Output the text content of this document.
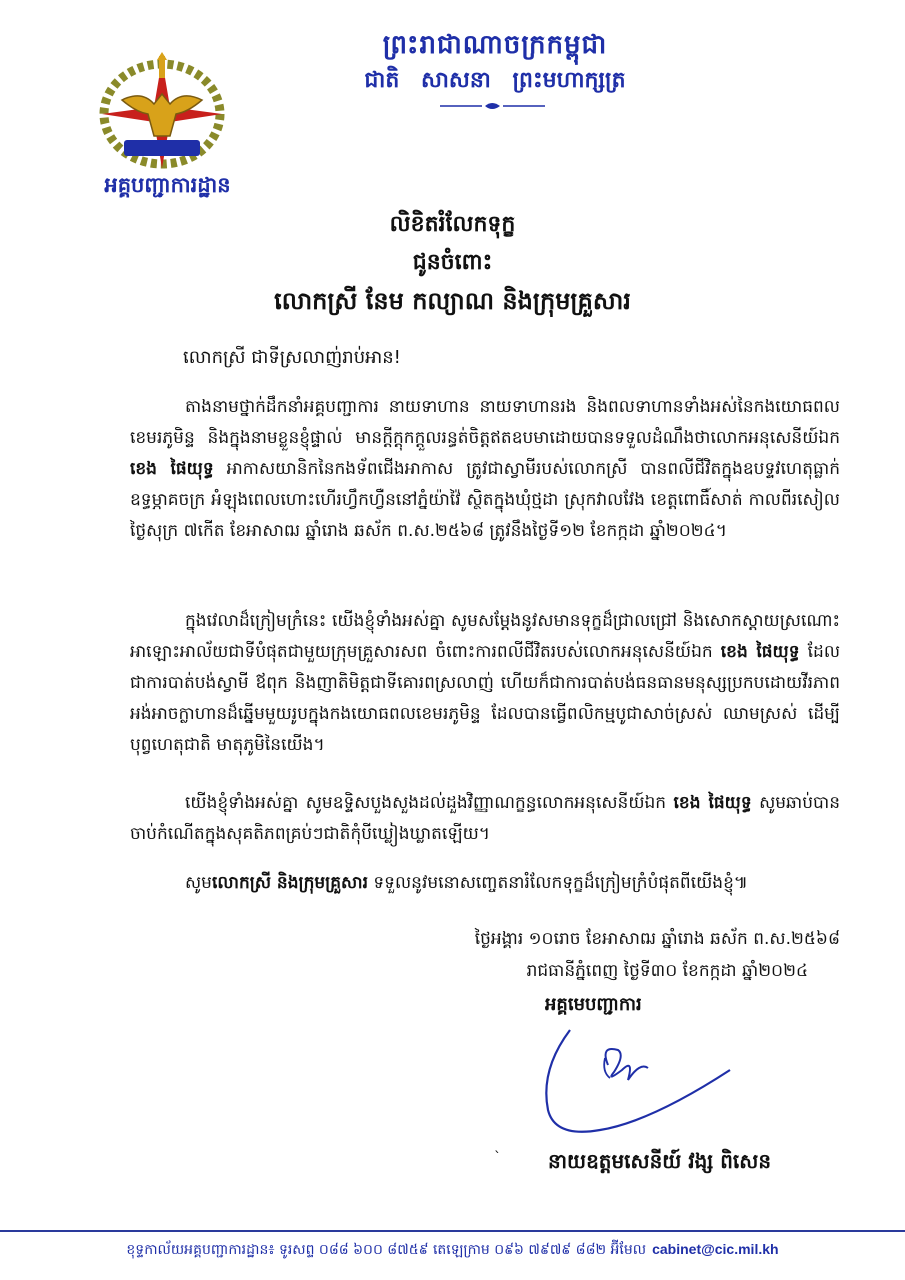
ព្រះរាជាណាចក្រកម្ពុជា
ជាតិ សាសនា ព្រះមហាក្សត្រ
អគ្គបញ្ជាការដ្ឋាន
លិខិតរំលែកទុក្ខ
ជូនចំពោះ
លោកស្រី នែម កល្យាណ និងក្រុមគ្រួសារ
លោកស្រី ជាទីស្រលាញ់រាប់អាន!
តាងនាមថ្នាក់ដឹកនាំអគ្គបញ្ជាការ នាយទាហាន នាយទាហានរង និងពលទាហានទាំងអស់នៃកងយោធពលខេមរភូមិន្ទ និងក្នុងនាមខ្លួនខ្ញុំផ្ទាល់ មានក្ដីក្ដុកក្ដួលរន្ធត់ចិត្តឥតឧបមាដោយបានទទួលដំណឹងថាលោកអនុសេនីយ៍ឯក ខេង ផៃយុទ្ធ អាកាសយានិកនៃកងទ័ពជើងអាកាស ត្រូវជាស្វាមីរបស់លោកស្រី បានពលីជីវិតក្នុងឧបទ្ទវហេតុធ្លាក់ឧទ្ធម្ភាគចក្រ អំឡុងពេលហោះហើរហ្វឹកហ្វឺននៅភ្នំយ៉ាវ៉ៃ ស្ថិតក្នុងឃុំថ្មដា ស្រុកវាលវែង ខេត្តពោធិ៍សាត់ កាលពីរសៀលថ្ងៃសុក្រ ៧កើត ខែអាសាឍ ឆ្នាំរោង ឆស័ក ព.ស.២៥៦៨ ត្រូវនឹងថ្ងៃទី១២ ខែកក្កដា ឆ្នាំ២០២៤។
ក្នុងវេលាដ៏ក្រៀមក្រំនេះ យើងខ្ញុំទាំងអស់គ្នា សូមសម្ដែងនូវសមានទុក្ខដ៏ជ្រាលជ្រៅ និងសោកស្ដាយស្រណោះអាឡោះអាល័យជាទីបំផុតជាមួយក្រុមគ្រួសារសព ចំពោះការពលីជីវិតរបស់លោកអនុសេនីយ៍ឯក ខេង ផៃយុទ្ធ ដែលជាការបាត់បង់ស្វាមី ឪពុក និងញាតិមិត្តជាទីគោរពស្រលាញ់ ហើយក៏ជាការបាត់បង់ធនធានមនុស្សប្រកបដោយវីរភាពអង់អាចក្លាហានដ៏ឆ្នើមមួយរូបក្នុងកងយោធពលខេមរភូមិន្ទ ដែលបានធ្វើពលិកម្មបូជាសាច់ស្រស់ ឈាមស្រស់ ដើម្បីបុព្វហេតុជាតិ មាតុភូមិនៃយើង។
យើងខ្ញុំទាំងអស់គ្នា សូមឧទ្ទិសបួងសួងដល់ដួងវិញ្ញាណក្ខន្ធលោកអនុសេនីយ៍ឯក ខេង ផៃយុទ្ធ សូមឆាប់បានចាប់កំណើតក្នុងសុគតិភពគ្រប់ៗជាតិកុំបីឃ្លៀងឃ្លាតឡើយ។
សូមលោកស្រី និងក្រុមគ្រួសារ ទទួលនូវមនោសញ្ចេតនារំលែកទុក្ខដ៏ក្រៀមក្រំបំផុតពីយើងខ្ញុំ៕
ថ្ងៃអង្គារ ១០រោច ខែអាសាឍ ឆ្នាំរោង ឆស័ក ព.ស.២៥៦៨
រាជធានីភ្នំពេញ ថ្ងៃទី៣០ ខែកក្កដា ឆ្នាំ២០២៤
អគ្គមេបញ្ជាការ
` នាយឧត្តមសេនីយ៍ វង្ស ពិសេន
ខុទ្ទកាល័យអគ្គបញ្ជាការដ្ឋាន៖ ទូរសព្ទ ០៨៨ ៦០០ ៨៧៥៩ តេឡេក្រាម ០៩៦ ៧៩៧៩ ៨៨២ អ៊ីមែល cabinet@cic.mil.kh
